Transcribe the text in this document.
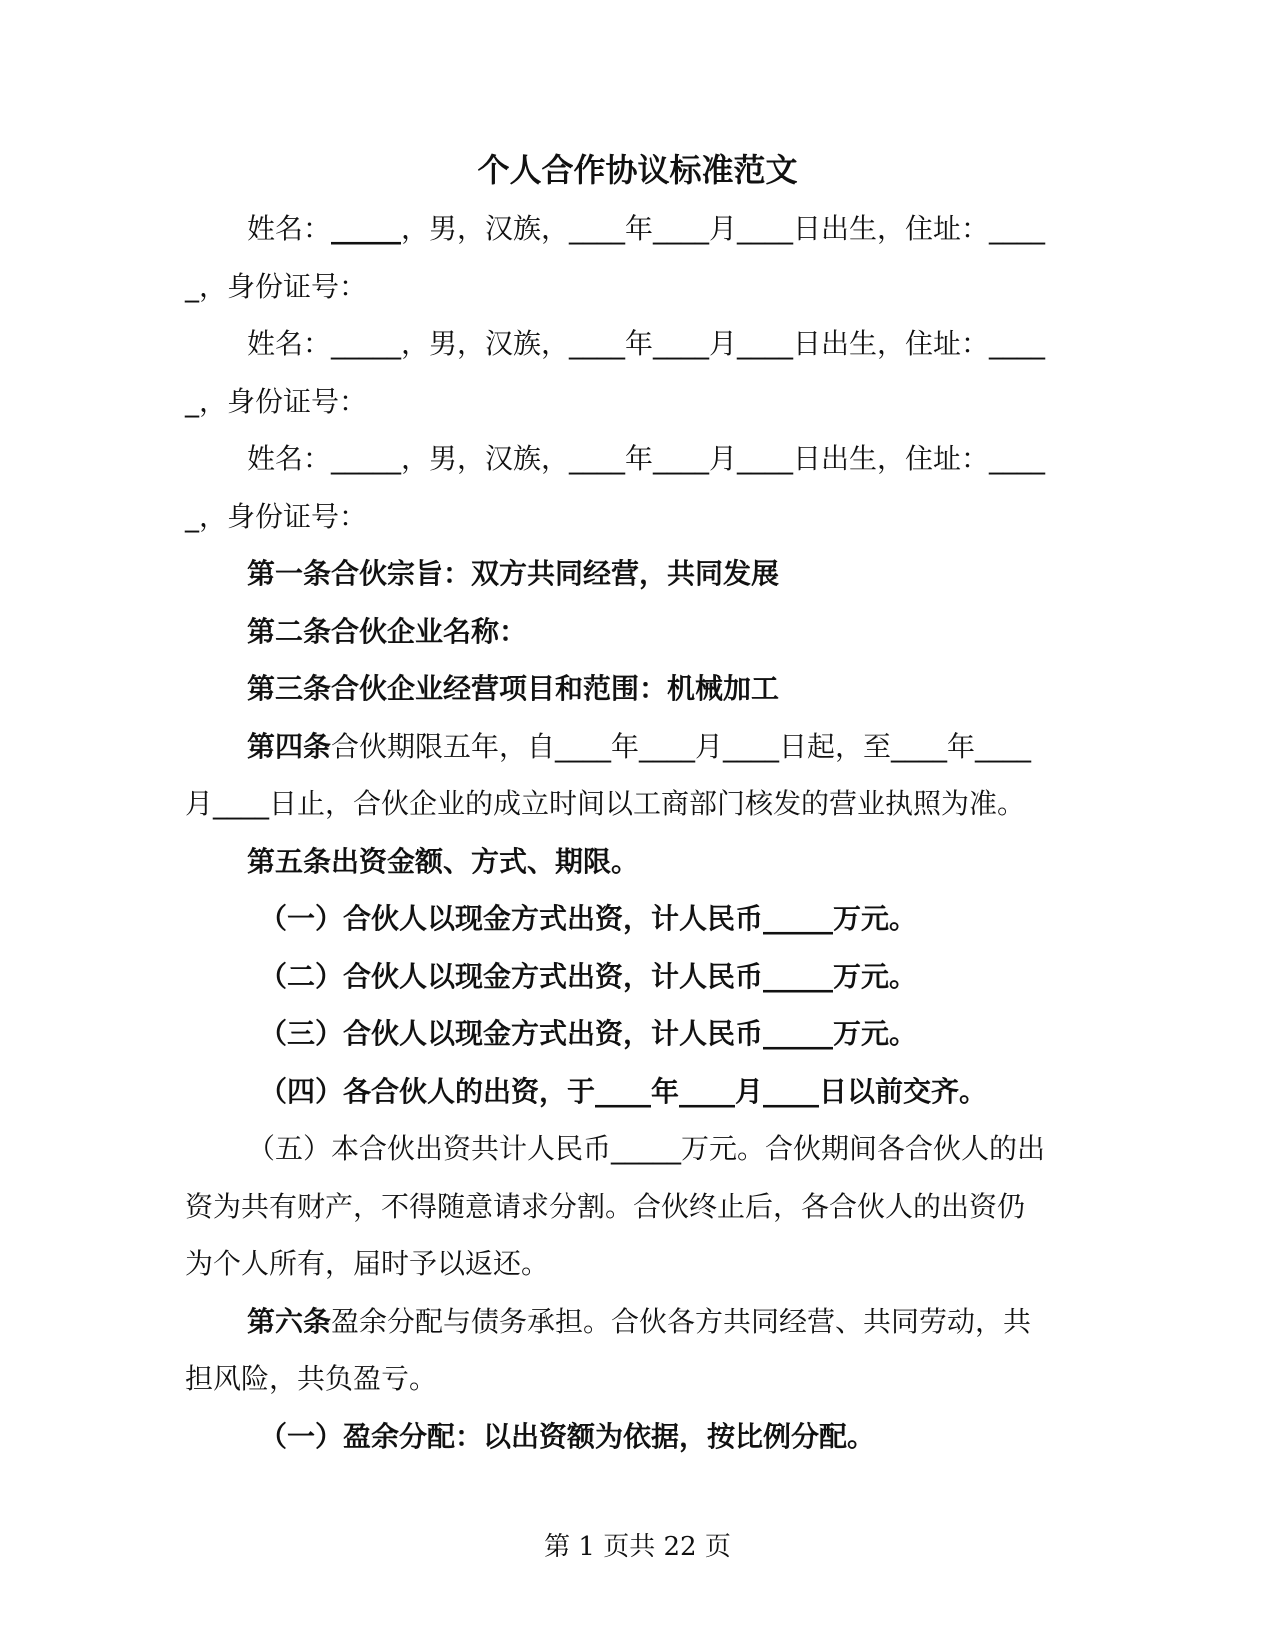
个人合作协议标准范文

姓名：_____，男，汉族，____年____月____日出生，住址：____

_，身份证号：

姓名：_____，男，汉族，____年____月____日出生，住址：____

_，身份证号：

姓名：_____，男，汉族，____年____月____日出生，住址：____

_，身份证号：

第一条合伙宗旨：双方共同经营，共同发展

第二条合伙企业名称：

第三条合伙企业经营项目和范围：机械加工

第四条合伙期限五年，自____年____月____日起，至____年____

月____日止，合伙企业的成立时间以工商部门核发的营业执照为准。

第五条出资金额、方式、期限。

（一）合伙人以现金方式出资，计人民币_____万元。

（二）合伙人以现金方式出资，计人民币_____万元。

（三）合伙人以现金方式出资，计人民币_____万元。

（四）各合伙人的出资，于____年____月____日以前交齐。

（五）本合伙出资共计人民币_____万元。合伙期间各合伙人的出

资为共有财产，不得随意请求分割。合伙终止后，各合伙人的出资仍

为个人所有，届时予以返还。

第六条盈余分配与债务承担。合伙各方共同经营、共同劳动，共

担风险，共负盈亏。

（一）盈余分配：以出资额为依据，按比例分配。

第 1 页共 22 页
